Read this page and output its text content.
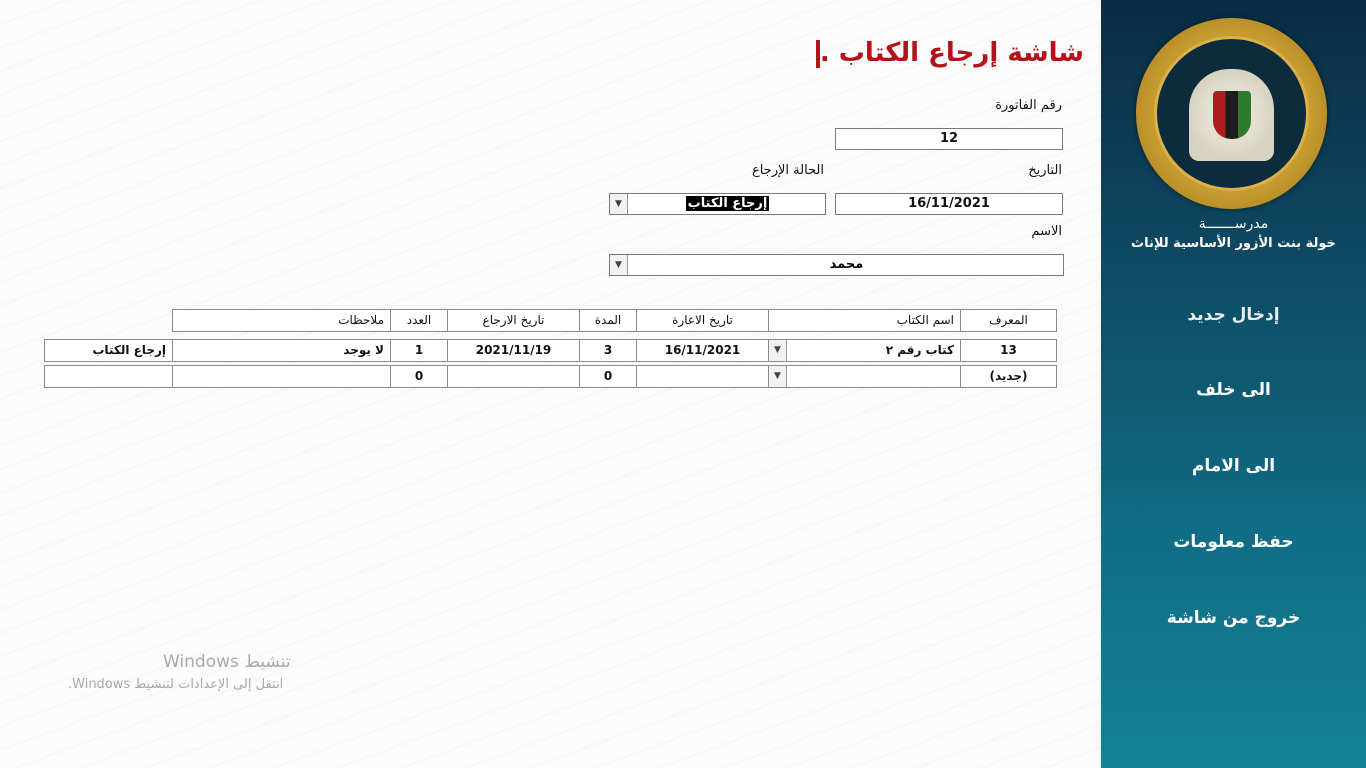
مدرســـــــة
خولة بنت الأزور الأساسية للإناث
إدخال جديد
الى خلف
الى الامام
حفظ معلومات
خروج من شاشة
شاشة إرجاع الكتاب .
رقم الفاتورة
12
التاريخ
الحالة الإرجاع
16/11/2021
▼	إرجاع الكتاب
الاسم
▼	محمد
المعرف
اسم الكتاب
تاريخ الاعارة
المدة
تاريخ الارجاع
العدد
ملاحظات
13
كتاب رقم ٢
▼
16/11/2021
3
2021/11/19
1
لا يوجد
إرجاع الكتاب
(جديد)
▼
0
0
تنشيط Windows
انتقل إلى الإعدادات لتنشيط Windows.
